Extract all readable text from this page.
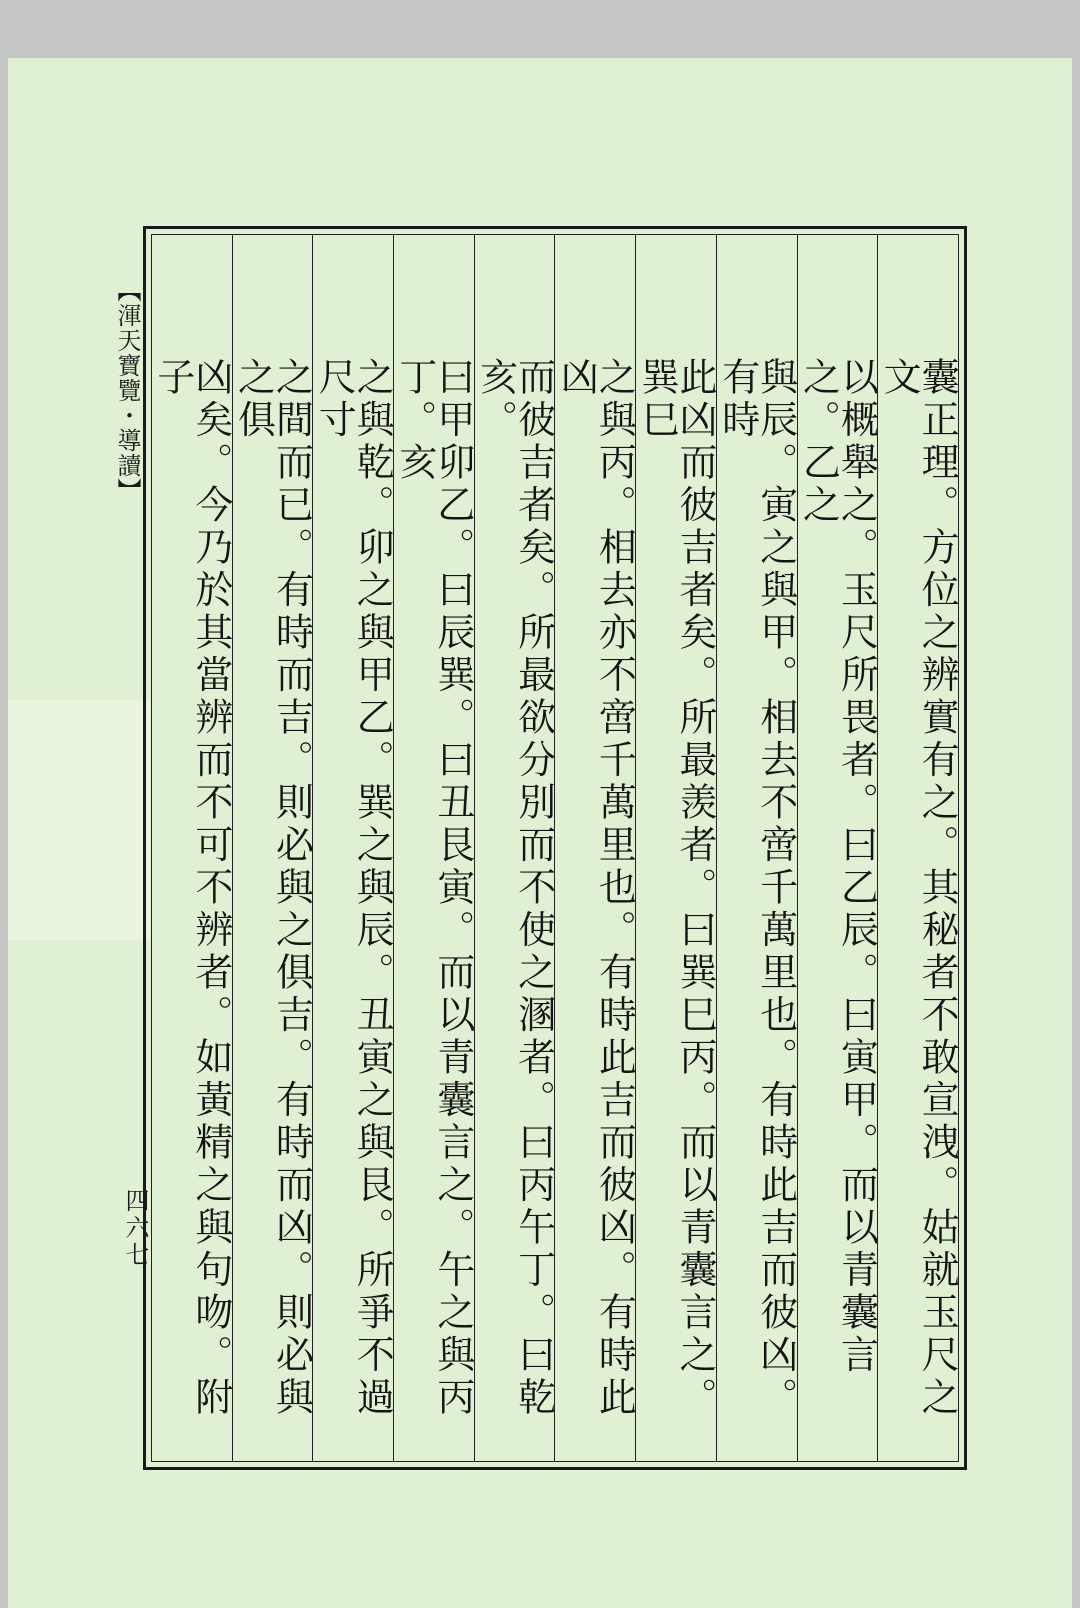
【渾天寶覽・導讀】
四六七	囊正理。方位之辨實有之。其秘者不敢宣洩。姑就玉尺之文
以概舉之。玉尺所畏者。曰乙辰。曰寅甲。而以青囊言之。乙之
與辰。寅之與甲。相去不啻千萬里也。有時此吉而彼凶。有時
此凶而彼吉者矣。所最羡者。曰巽巳丙。而以青囊言之。巽巳
之與丙。相去亦不啻千萬里也。有時此吉而彼凶。有時此凶
而彼吉者矣。所最欲分別而不使之溷者。曰丙午丁。曰乾亥。
曰甲卯乙。曰辰巽。曰丑艮寅。而以青囊言之。午之與丙丁。亥
之與乾。卯之與甲乙。巽之與辰。丑寅之與艮。所爭不過尺寸
之間而已。有時而吉。則必與之俱吉。有時而凶。則必與之俱
凶矣。今乃於其當辨而不可不辨者。如黃精之與句吻。附子
